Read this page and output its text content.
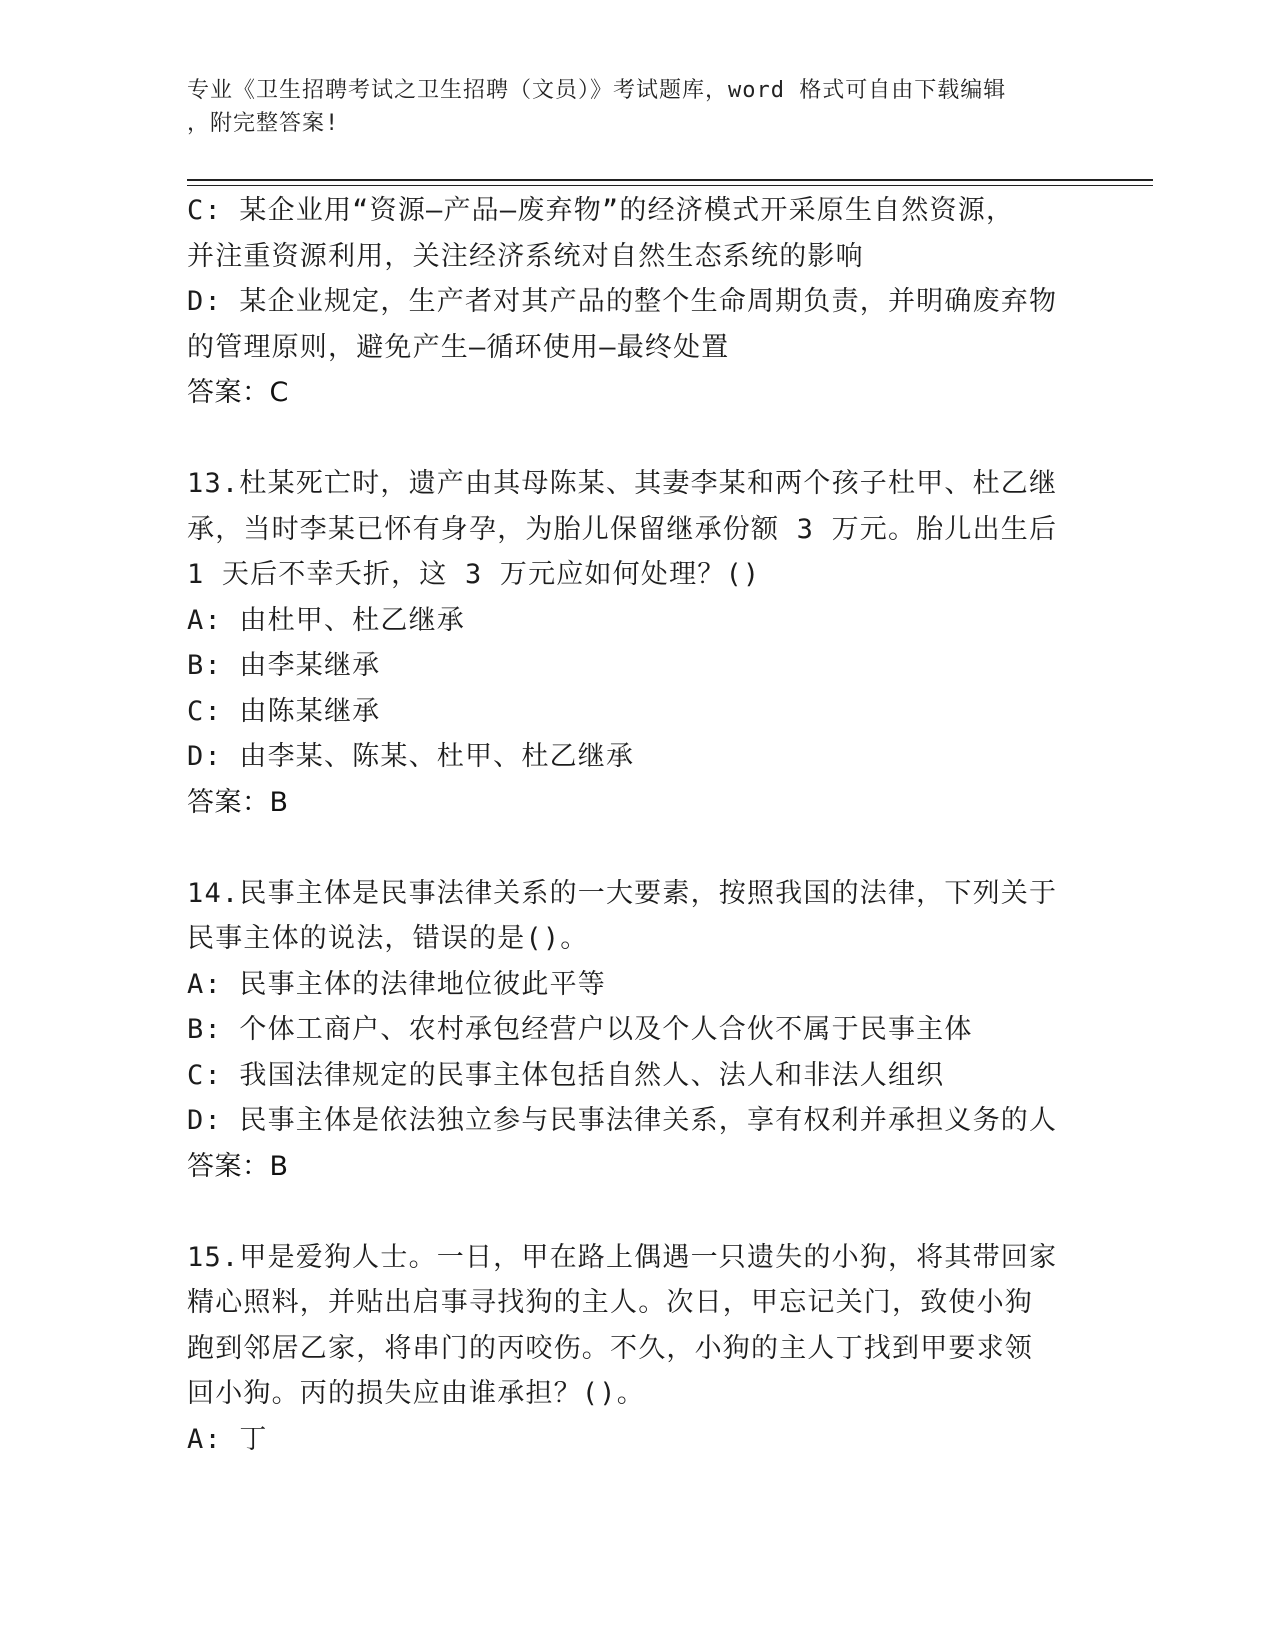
专业《卫生招聘考试之卫生招聘（文员）》考试题库，word 格式可自由下载编辑
，附完整答案!
C: 某企业用“资源—产品—废弃物”的经济模式开采原生自然资源，
并注重资源利用，关注经济系统对自然生态系统的影响
D: 某企业规定，生产者对其产品的整个生命周期负责，并明确废弃物
的管理原则，避免产生—循环使用—最终处置
答案：C
13.杜某死亡时，遗产由其母陈某、其妻李某和两个孩子杜甲、杜乙继
承，当时李某已怀有身孕，为胎儿保留继承份额 3 万元。胎儿出生后
1 天后不幸夭折，这 3 万元应如何处理？()
A: 由杜甲、杜乙继承
B: 由李某继承
C: 由陈某继承
D: 由李某、陈某、杜甲、杜乙继承
答案：B
14.民事主体是民事法律关系的一大要素，按照我国的法律，下列关于
民事主体的说法，错误的是()。
A: 民事主体的法律地位彼此平等
B: 个体工商户、农村承包经营户以及个人合伙不属于民事主体
C: 我国法律规定的民事主体包括自然人、法人和非法人组织
D: 民事主体是依法独立参与民事法律关系，享有权利并承担义务的人
答案：B
15.甲是爱狗人士。一日，甲在路上偶遇一只遗失的小狗，将其带回家
精心照料，并贴出启事寻找狗的主人。次日，甲忘记关门，致使小狗
跑到邻居乙家，将串门的丙咬伤。不久，小狗的主人丁找到甲要求领
回小狗。丙的损失应由谁承担？()。
A: 丁
